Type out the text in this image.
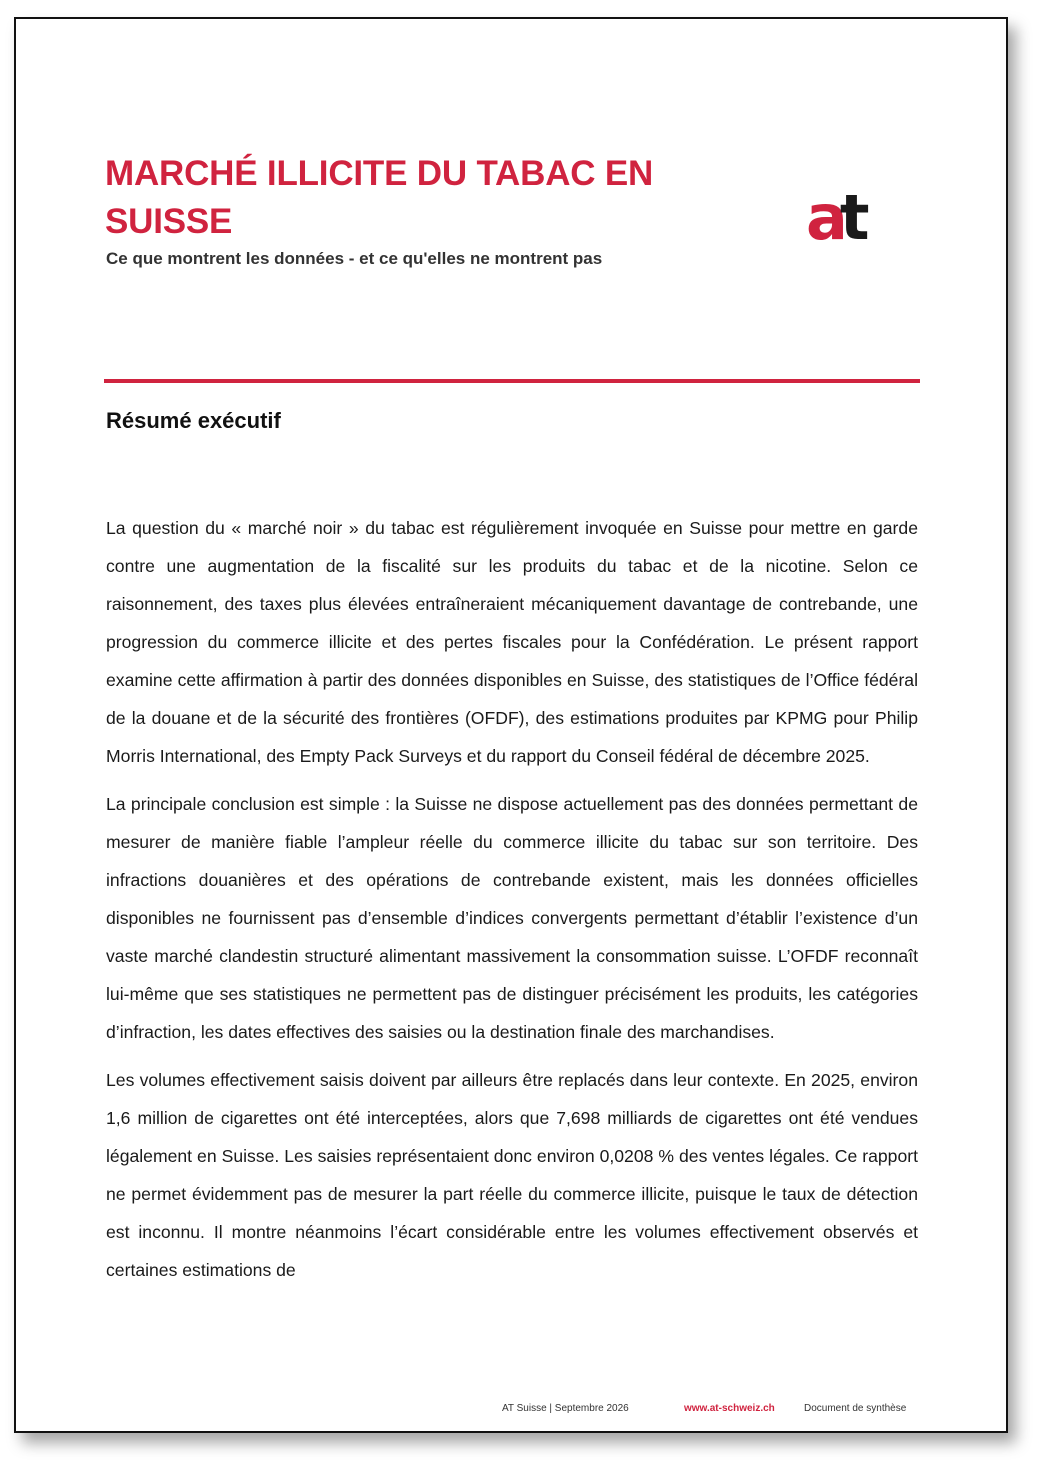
MARCHÉ ILLICITE DU TABAC EN SUISSE
Ce que montrent les données - et ce qu'elles ne montrent pas
at
Résumé exécutif

La question du « marché noir » du tabac est régulièrement invoquée en Suisse pour mettre en garde contre une augmentation de la fiscalité sur les produits du tabac et de la nicotine. Selon ce raisonnement, des taxes plus élevées entraîneraient mécaniquement davantage de contrebande, une progression du commerce illicite et des pertes fiscales pour la Confédération. Le présent rapport examine cette affirmation à partir des données disponibles en Suisse, des statistiques de l’Office fédéral de la douane et de la sécurité des frontières (OFDF), des estimations produites par KPMG pour Philip Morris International, des Empty Pack Surveys et du rapport du Conseil fédéral de décembre 2025.

La principale conclusion est simple : la Suisse ne dispose actuellement pas des données permettant de mesurer de manière fiable l’ampleur réelle du commerce illicite du tabac sur son territoire. Des infractions douanières et des opérations de contrebande existent, mais les données officielles disponibles ne fournissent pas d’ensemble d’indices convergents permettant d’établir l’existence d’un vaste marché clandestin structuré alimentant massivement la consommation suisse. L’OFDF reconnaît lui-même que ses statistiques ne permettent pas de distinguer précisément les produits, les catégories d’infraction, les dates effectives des saisies ou la destination finale des marchandises.

Les volumes effectivement saisis doivent par ailleurs être replacés dans leur contexte. En 2025, environ 1,6 million de cigarettes ont été interceptées, alors que 7,698 milliards de cigarettes ont été vendues légalement en Suisse. Les saisies représentaient donc environ 0,0208 % des ventes légales. Ce rapport ne permet évidemment pas de mesurer la part réelle du commerce illicite, puisque le taux de détection est inconnu. Il montre néanmoins l’écart considérable entre les volumes effectivement observés et certaines estimations de

AT Suisse | Septembre 2026	www.at-schweiz.ch	Document de synthèse
